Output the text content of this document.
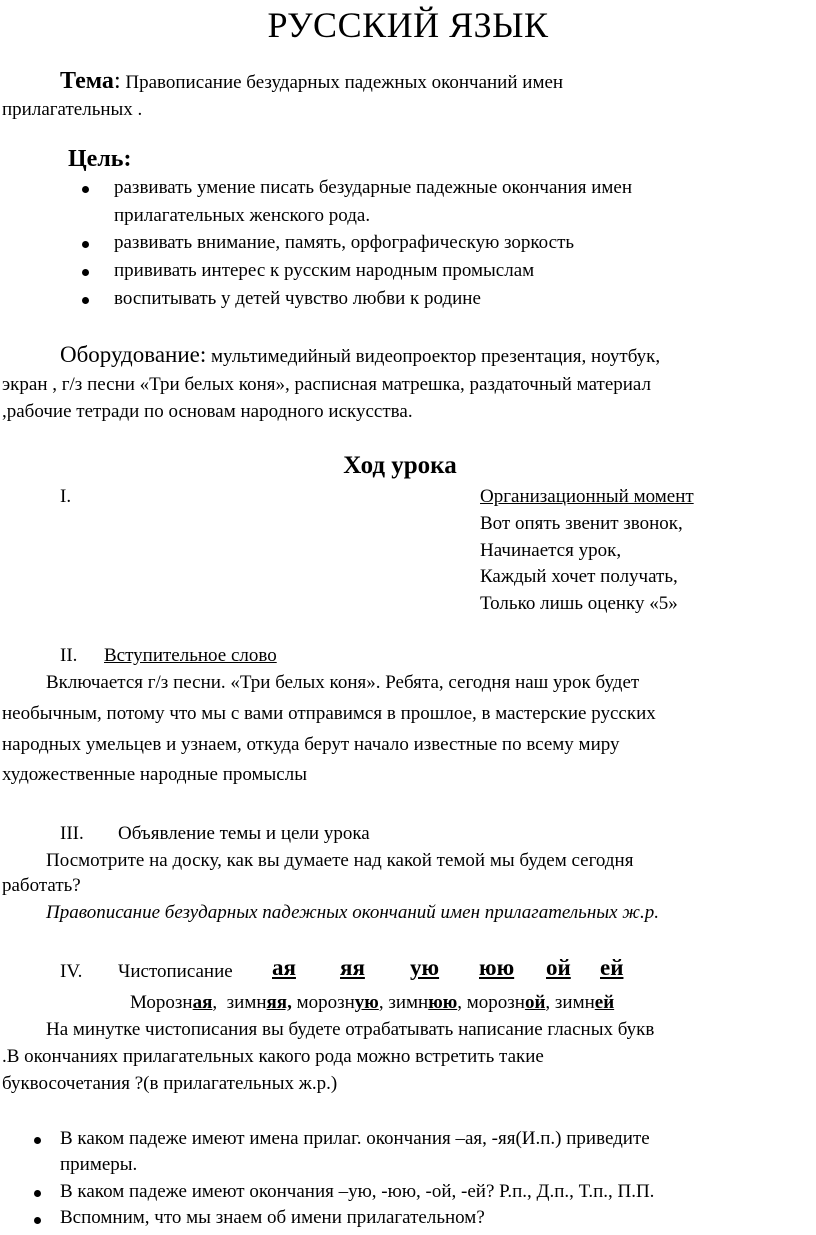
РУССКИЙ ЯЗЫК
Тема: Правописание безударных падежных окончаний имен
прилагательных .
Цель:
развивать умение писать безударные падежные окончания имен
прилагательных женского рода.
развивать внимание, память, орфографическую зоркость
прививать интерес к русским народным промыслам
воспитывать у детей чувство любви к родине
Оборудование: мультимедийный видеопроектор презентация, ноутбук,
экран , г/з песни «Три белых коня», расписная матрешка, раздаточный материал
,рабочие тетради по основам народного искусства.
Ход урока
I.	Организационный момент
Вот опять звенит звонок,
Начинается урок,
Каждый хочет получать,
Только лишь оценку «5»
II. Вступительное слово
Включается г/з песни. «Три белых коня». Ребята, сегодня наш урок будет
необычным, потому что мы с вами отправимся в прошлое, в мастерские русских
народных умельцев и узнаем, откуда берут начало известные по всему миру
художественные народные промыслы
III. Объявление темы и цели урока
Посмотрите на доску, как вы думаете над какой темой мы будем сегодня
работать?
Правописание безударных падежных окончаний имен прилагательных ж.р.
IV. Чистописание ая яя ую юю ой ей
Морозная,  зимняя, морозную, зимнюю, морозной, зимней
На минутке чистописания вы будете отрабатывать написание гласных букв
.В окончаниях прилагательных какого рода можно встретить такие
буквосочетания ?(в прилагательных ж.р.)
В каком падеже имеют имена прилаг. окончания –ая, -яя(И.п.) приведите
примеры.
В каком падеже имеют окончания –ую, -юю, -ой, -ей? Р.п., Д.п., Т.п., П.П.
Вспомним, что мы знаем об имени прилагательном?
